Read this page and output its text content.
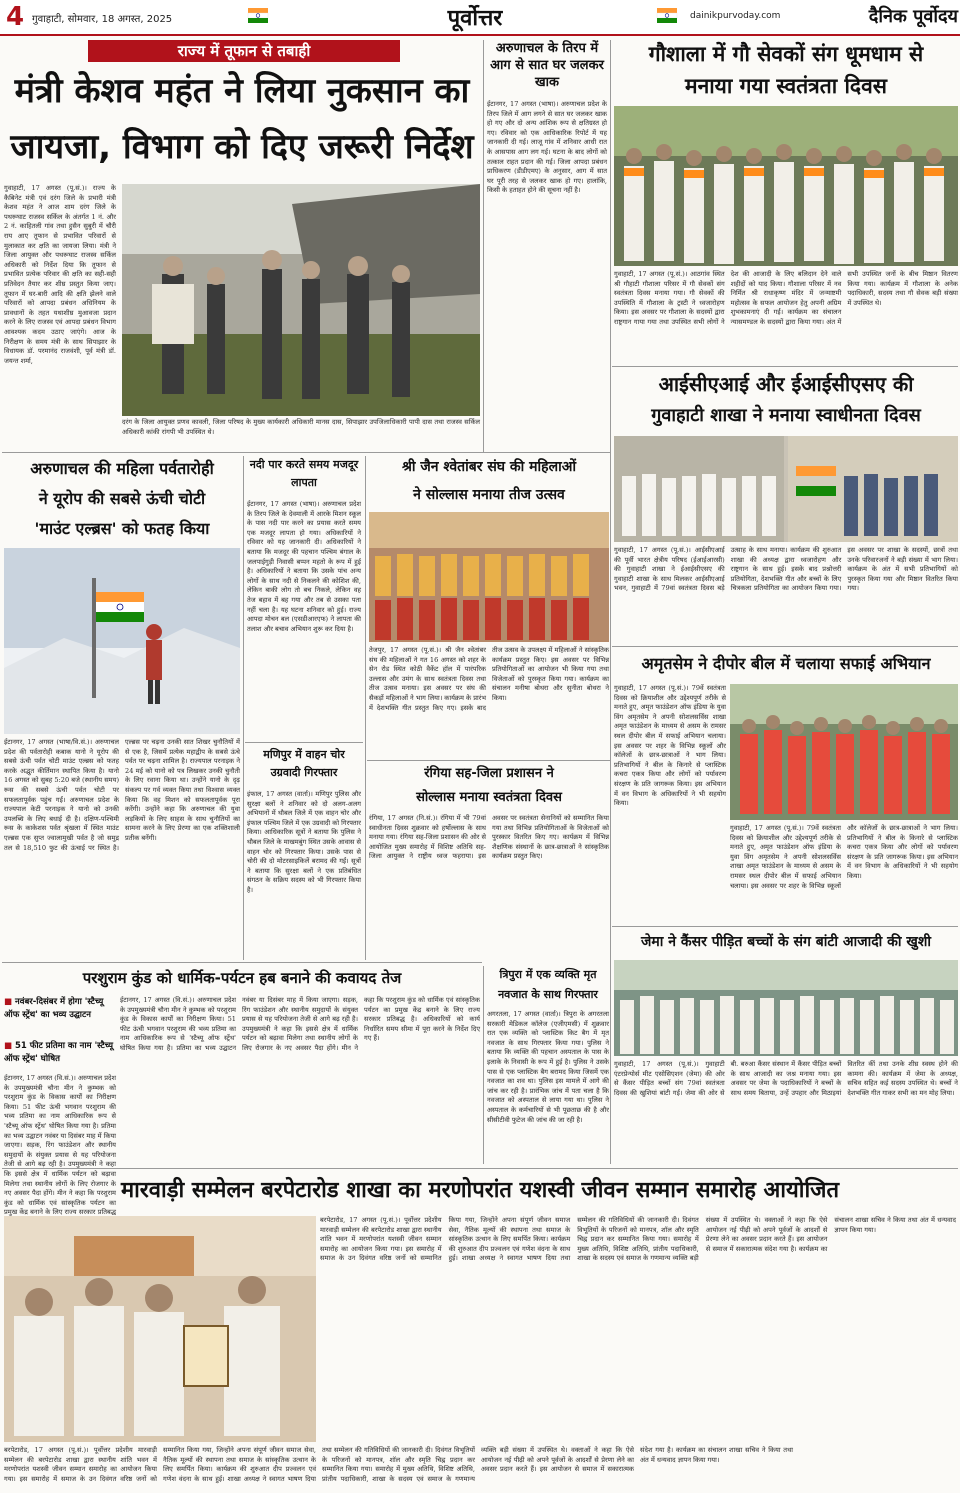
4 गुवाहाटी, सोमवार, 18 अगस्त, 2025	पूर्वोत्तर	dainikpurvoday.com	दैनिक पूर्वोदय
राज्य में तूफान से तबाही
मंत्री केशव महंत ने लिया नुकसान का
जायजा, विभाग को दिए जरूरी निर्देश
गुवाहाटी, 17 अगस्त (पू.सं.)। राज्य के कैबिनेट मंत्री एवं दरंग जिले के प्रभारी मंत्री केशव महंत ने आज शाम दरंग जिले के पथरूघाट राजस्व सर्किल के अंतर्गत 1 नं. और 2 नं. काहितली गांव तथा हुसैन सुबुरी में चौरी राय आए तूफान से प्रभावित परिवारों से मुलाकात कर क्षति का जायजा लिया। मंत्री ने जिला आयुक्त और पथरूघाट राजस्व सर्किल अधिकारी को निर्देश दिया कि तूफान से प्रभावित प्रत्येक परिवार की क्षति का सही-सही प्रतिवेदन तैयार कर शीघ्र प्रस्तुत किया जाए। तूफान में घर-बारी आदि की क्षति झेलने वाले परिवारों को आपदा प्रबंधन अधिनियम के प्रावधानों के तहत यथाशीघ्र मुआवजा प्रदान करने के लिए राजस्व एवं आपदा प्रबंधन विभाग आवश्यक कदम उठाए जाएंगे। आज के निरीक्षण के समय मंत्री के साथ सिपाझार के विधायक डॉ. परमानंद राजवंशी, पूर्व मंत्री डॉ. जयन्त शर्मा,
दरंग के जिला आयुक्त प्रणव कावली, जिला परिषद के मुख्य कार्यकारी अधिकारी मानस दास, सिपाझार उपजिलाधिकारी पापी दास तथा राजस्व सर्किल अधिकारी कांकी रांगपी भी उपस्थित थे।
अरुणाचल के तिरप में आग से सात घर जलकर खाक
ईटानगर, 17 अगस्त (भाषा)। अरुणाचल प्रदेश के तिरप जिले में आग लगने से सात घर जलकर खाक हो गए और दो अन्य आंशिक रूप से क्षतिग्रस्त हो गए। रविवार को एक आधिकारिक रिपोर्ट में यह जानकारी दी गई। लाजू गांव में शनिवार आधी रात के आसपास आग लग गई। घटना के बाद लोगों को तत्काल राहत प्रदान की गई। जिला आपदा प्रबंधन प्राधिकरण (डीडीएमए) के अनुसार, आग में सात घर पूरी तरह से जलकर खाक हो गए। हालांकि, किसी के हताहत होने की सूचना नहीं है।
गौशाला में गौ सेवकों संग धूमधाम से
मनाया गया स्वतंत्रता दिवस
गुवाहाटी, 17 अगस्त (पू.सं.)। आठगांव स्थित श्री गौहाटी गौशाला परिसर में गौ सेवकों संग स्वतंत्रता दिवस मनाया गया। गौ सेवकों की उपस्थिति में गौशाला के ट्रस्टी ने ध्वजारोहण किया। इस अवसर पर गौशाला के सदस्यों द्वारा राष्ट्रगान गाया गया तथा उपस्थित सभी लोगों ने देश की आजादी के लिए बलिदान देने वाले शहीदों को याद किया। गौशाला परिसर में नव निर्मित श्री राधाकृष्ण मंदिर में जन्माष्टमी महोत्सव के सफल आयोजन हेतु अपनी अग्रिम शुभकामनाएं दी गईं। कार्यक्रम का संचालन न्यासमण्डल के सदस्यों द्वारा किया गया। अंत में सभी उपस्थित जनों के बीच मिष्ठान वितरण किया गया। कार्यक्रम में गौशाला के अनेक पदाधिकारी, सदस्य तथा गौ सेवक बड़ी संख्या में उपस्थित थे।
आईसीएआई और ईआईसीएसए की
गुवाहाटी शाखा ने मनाया स्वाधीनता दिवस
गुवाहाटी, 17 अगस्त (पू.सं.)। आईसीएआई की पूर्वी भारत क्षेत्रीय परिषद (ईआईआरसी) की गुवाहाटी शाखा ने ईआईसीएसए की गुवाहाटी शाखा के साथ मिलकर आईसीएआई भवन, गुवाहाटी में 79वां स्वतंत्रता दिवस बड़े उत्साह के साथ मनाया। कार्यक्रम की शुरुआत शाखा की अध्यक्ष द्वारा ध्वजारोहण और राष्ट्रगान के साथ हुई। इसके बाद प्रश्नोत्तरी प्रतियोगिता, देशभक्ति गीत और बच्चों के लिए चित्रकला प्रतियोगिता का आयोजन किया गया। इस अवसर पर शाखा के सदस्यों, छात्रों तथा उनके परिवारजनों ने बड़ी संख्या में भाग लिया। कार्यक्रम के अंत में सभी प्रतिभागियों को पुरस्कृत किया गया और मिष्ठान वितरित किया गया।
अमृतसेम ने दीपोर बील में चलाया सफाई अभियान
गुवाहाटी, 17 अगस्त (पू.सं.)। 79वें स्वतंत्रता दिवस को क्रियाशील और उद्देश्यपूर्ण तरीके से मनाते हुए, अमृत फाउंडेशन ऑफ इंडिया के युवा विंग अमृतसेम ने अपनी सोशलसर्विस शाखा अमृत फाउंडेशन के माध्यम से असम के रामसर स्थल दीपोर बील में सफाई अभियान चलाया। इस अवसर पर शहर के विभिन्न स्कूलों और कॉलेजों के छात्र-छात्राओं ने भाग लिया। प्रतिभागियों ने बील के किनारे से प्लास्टिक कचरा एकत्र किया और लोगों को पर्यावरण संरक्षण के प्रति जागरूक किया। इस अभियान में वन विभाग के अधिकारियों ने भी सहयोग किया।
गुवाहाटी, 17 अगस्त (पू.सं.)। 79वें स्वतंत्रता दिवस को क्रियाशील और उद्देश्यपूर्ण तरीके से मनाते हुए, अमृत फाउंडेशन ऑफ इंडिया के युवा विंग अमृतसेम ने अपनी सोशलसर्विस शाखा अमृत फाउंडेशन के माध्यम से असम के रामसर स्थल दीपोर बील में सफाई अभियान चलाया। इस अवसर पर शहर के विभिन्न स्कूलों और कॉलेजों के छात्र-छात्राओं ने भाग लिया। प्रतिभागियों ने बील के किनारे से प्लास्टिक कचरा एकत्र किया और लोगों को पर्यावरण संरक्षण के प्रति जागरूक किया। इस अभियान में वन विभाग के अधिकारियों ने भी सहयोग किया।
जेमा ने कैंसर पीड़ित बच्चों के संग बांटी आजादी की खुशी
गुवाहाटी, 17 अगस्त (पू.सं.)। गुवाहाटी एंटरप्रेन्योर्स मीट एसोसिएशन (जेमा) की ओर से कैंसर पीड़ित बच्चों संग 79वां स्वतंत्रता दिवस की खुशियां बांटी गईं। जेमा की ओर से बी. बरुआ कैंसर संस्थान में कैंसर पीड़ित बच्चों के साथ आजादी का जश्न मनाया गया। इस अवसर पर जेमा के पदाधिकारियों ने बच्चों के साथ समय बिताया, उन्हें उपहार और मिठाइयां वितरित कीं तथा उनके शीघ्र स्वस्थ होने की कामना की। कार्यक्रम में जेमा के अध्यक्ष, सचिव सहित कई सदस्य उपस्थित थे। बच्चों ने देशभक्ति गीत गाकर सभी का मन मोह लिया।
अरुणाचल की महिला पर्वतारोही
ने यूरोप की सबसे ऊंची चोटी
'माउंट एल्ब्रस' को फतह किया
ईटानगर, 17 अगस्त (भाषा/वि.सं.)। अरुणाचल प्रदेश की पर्वतारोही कबाक यानो ने यूरोप की सबसे ऊंची पर्वत चोटी माउंट एल्ब्रस को फतह करके अद्भुत कीर्तिमान स्थापित किया है। यानो 16 अगस्त को सुबह 5:20 बजे (स्थानीय समय) रूस की सबसे ऊंची पर्वत चोटी पर सफलतापूर्वक पहुंच गईं। अरुणाचल प्रदेश के राज्यपाल केटी परनाइक ने यानो को उनकी उपलब्धि के लिए बधाई दी है। दक्षिण-पश्चिमी रूस के काकेशस पर्वत श्रृंखला में स्थित माउंट एल्ब्रस एक सुप्त ज्वालामुखी पर्वत है जो समुद्र तल से 18,510 फुट की ऊंचाई पर स्थित है। एल्ब्रस पर चढ़ना उनकी सात शिखर चुनौतियों में से एक है, जिसमें प्रत्येक महाद्वीप के सबसे ऊंचे पर्वत पर चढ़ना शामिल है। राज्यपाल परनाइक ने 24 मई को यानो को पत्र लिखकर उनकी चुनौती के लिए रवाना किया था। उन्होंने यानो के दृढ़ संकल्प पर गर्व व्यक्त किया तथा विश्वास व्यक्त किया कि वह मिशन को सफलतापूर्वक पूरा करेंगी। उन्होंने कहा कि अरुणाचल की युवा लड़कियों के लिए साहस के साथ चुनौतियों का सामना करने के लिए प्रेरणा का एक शक्तिशाली प्रतीक बनेंगी।
नदी पार करते समय मजदूर लापता
ईटानगर, 17 अगस्त (भाषा)। अरुणाचल प्रदेश के तिरप जिले के देवमाली में आरके मिशन स्कूल के पास नदी पार करने का प्रयास करते समय एक मजदूर लापता हो गया। अधिकारियों ने रविवार को यह जानकारी दी। अधिकारियों ने बताया कि मजदूर की पहचान पश्चिम बंगाल के जलपाईगुड़ी निवासी बप्पन महतो के रूप में हुई है। अधिकारियों ने बताया कि उसके पांच अन्य लोगों के साथ नदी से निकलने की कोशिश की, लेकिन बाकी लोग तो बच निकले, लेकिन वह तेज बहाव में बह गया और तब से उसका पता नहीं चला है। यह घटना शनिवार को हुई। राज्य आपदा मोचन बल (एसडीआरएफ) ने लापता की तलाश और बचाव अभियान शुरू कर दिया है।
मणिपुर में वाहन चोर उग्रवादी गिरफ्तार
इंफाल, 17 अगस्त (वार्ता)। मणिपुर पुलिस और सुरक्षा बलों ने शनिवार को दो अलग-अलग अभियानों में थौबल जिले में एक वाहन चोर और इंफाल पश्चिम जिले में एक उग्रवादी को गिरफ्तार किया। आधिकारिक सूत्रों ने बताया कि पुलिस ने थौबल जिले के माखमबुंग स्थित उसके आवास से वाहन चोर को गिरफ्तार किया। उसके पास से चोरी की दो मोटरसाइकिलें बरामद की गईं। सूत्रों ने बताया कि सुरक्षा बलों ने एक प्रतिबंधित संगठन के सक्रिय सदस्य को भी गिरफ्तार किया है।
श्री जैन श्वेतांबर संघ की महिलाओं
ने सोल्लास मनाया तीज उत्सव
तेजपुर, 17 अगस्त (पू.सं.)। श्री जैन श्वेतांबर संघ की महिलाओं ने गत 16 अगस्त को शहर के सेन रोड स्थित कोठी वैकेंट हॉल में पारंपरिक उल्लास और उमंग के साथ स्वतंत्रता दिवस तथा तीज उत्सव मनाया। इस अवसर पर संघ की सैकड़ों महिलाओं ने भाग लिया। कार्यक्रम के प्रारंभ में देशभक्ति गीत प्रस्तुत किए गए। इसके बाद तीज उत्सव के उपलक्ष्य में महिलाओं ने सांस्कृतिक कार्यक्रम प्रस्तुत किए। इस अवसर पर विभिन्न प्रतियोगिताओं का आयोजन भी किया गया तथा विजेताओं को पुरस्कृत किया गया। कार्यक्रम का संचालन मनीषा बोथरा और सुनीता बोथरा ने किया।
रंगिया सह-जिला प्रशासन ने
सोल्लास मनाया स्वतंत्रता दिवस
रंगिया, 17 अगस्त (नि.सं.)। रंगिया में भी 79वां स्वाधीनता दिवस शुक्रवार को हर्षोल्लास के साथ मनाया गया। रंगिया सह-जिला प्रशासन की ओर से आयोजित मुख्य समारोह में विशिष्ट अतिथि सह-जिला आयुक्त ने राष्ट्रीय ध्वज फहराया। इस अवसर पर स्वतंत्रता सेनानियों को सम्मानित किया गया तथा विभिन्न प्रतियोगिताओं के विजेताओं को पुरस्कार वितरित किए गए। कार्यक्रम में विभिन्न शैक्षणिक संस्थानों के छात्र-छात्राओं ने सांस्कृतिक कार्यक्रम प्रस्तुत किए।
परशुराम कुंड को धार्मिक-पर्यटन हब बनाने की कवायद तेज
■ नवंबर-दिसंबर में होगा 'स्टैच्यू ऑफ स्ट्रेंथ' का भव्य उद्घाटन
■ 51 फीट प्रतिमा का नाम 'स्टैच्यू ऑफ स्ट्रेंथ' घोषित
ईटानगर, 17 अगस्त (वि.सं.)। अरुणाचल प्रदेश के उपमुख्यमंत्री चौना मीन ने कुम्भक को परशुराम कुंड के विकास कार्यों का निरीक्षण किया। 51 फीट ऊंची भगवान परशुराम की भव्य प्रतिमा का नाम आधिकारिक रूप से 'स्टैच्यू ऑफ स्ट्रेंथ' घोषित किया गया है। प्रतिमा का भव्य उद्घाटन नवंबर या दिसंबर माह में किया जाएगा। सड़क, रिंग फाउंडेशन और स्थानीय समुदायों के संयुक्त प्रयास से यह परियोजना तेजी से आगे बढ़ रही है। उपमुख्यमंत्री ने कहा कि इससे क्षेत्र में धार्मिक पर्यटन को बढ़ावा मिलेगा तथा स्थानीय लोगों के लिए रोजगार के नए अवसर पैदा होंगे। मीन ने कहा कि परशुराम कुंड को धार्मिक एवं सांस्कृतिक पर्यटन का प्रमुख केंद्र बनाने के लिए राज्य सरकार प्रतिबद्ध
ईटानगर, 17 अगस्त (वि.सं.)। अरुणाचल प्रदेश के उपमुख्यमंत्री चौना मीन ने कुम्भक को परशुराम कुंड के विकास कार्यों का निरीक्षण किया। 51 फीट ऊंची भगवान परशुराम की भव्य प्रतिमा का नाम आधिकारिक रूप से 'स्टैच्यू ऑफ स्ट्रेंथ' घोषित किया गया है। प्रतिमा का भव्य उद्घाटन नवंबर या दिसंबर माह में किया जाएगा। सड़क, रिंग फाउंडेशन और स्थानीय समुदायों के संयुक्त प्रयास से यह परियोजना तेजी से आगे बढ़ रही है। उपमुख्यमंत्री ने कहा कि इससे क्षेत्र में धार्मिक पर्यटन को बढ़ावा मिलेगा तथा स्थानीय लोगों के लिए रोजगार के नए अवसर पैदा होंगे। मीन ने कहा कि परशुराम कुंड को धार्मिक एवं सांस्कृतिक पर्यटन का प्रमुख केंद्र बनाने के लिए राज्य सरकार प्रतिबद्ध है। अधिकारियों को कार्य निर्धारित समय सीमा में पूरा करने के निर्देश दिए गए हैं।
त्रिपुरा में एक व्यक्ति मृत
नवजात के साथ गिरफ्तार
अगरतला, 17 अगस्त (वार्ता)। त्रिपुरा के अगरतला सरकारी मेडिकल कॉलेज (एजीएमसी) में शुक्रवार रात एक व्यक्ति को प्लास्टिक किट बैग में मृत नवजात के साथ गिरफ्तार किया गया। पुलिस ने बताया कि व्यक्ति की पहचान अस्पताल के पास के इलाके के निवासी के रूप में हुई है। पुलिस ने उसके पास से एक प्लास्टिक बैग बरामद किया जिसमें एक नवजात का शव था। पुलिस इस मामले में आगे की जांच कर रही है। प्रारंभिक जांच में पता चला है कि नवजात को अस्पताल से लाया गया था। पुलिस ने अस्पताल के कर्मचारियों से भी पूछताछ की है और सीसीटीवी फुटेज की जांच की जा रही है।
मारवाड़ी सम्मेलन बरपेटारोड शाखा का मरणोपरांत यशस्वी जीवन सम्मान समारोह आयोजित
बरपेटारोड, 17 अगस्त (पू.सं.)। पूर्वोत्तर प्रदेशीय मारवाड़ी सम्मेलन की बरपेटारोड शाखा द्वारा स्थानीय शांति भवन में मरणोपरांत यशस्वी जीवन सम्मान समारोह का आयोजन किया गया। इस समारोह में समाज के उन दिवंगत वरिष्ठ जनों को सम्मानित किया गया, जिन्होंने अपना संपूर्ण जीवन समाज सेवा, नैतिक मूल्यों की स्थापना तथा समाज के सांस्कृतिक उत्थान के लिए समर्पित किया। कार्यक्रम की शुरुआत दीप प्रज्वलन एवं गणेश वंदना के साथ हुई। शाखा अध्यक्ष ने स्वागत भाषण दिया तथा सम्मेलन की गतिविधियों की जानकारी दी। दिवंगत विभूतियों के परिजनों को मानपत्र, शॉल और स्मृति चिह्न प्रदान कर सम्मानित किया गया। समारोह में मुख्य अतिथि, विशिष्ट अतिथि, प्रांतीय पदाधिकारी, शाखा के सदस्य एवं समाज के गणमान्य व्यक्ति बड़ी संख्या में उपस्थित थे। वक्ताओं ने कहा कि ऐसे आयोजन नई पीढ़ी को अपने पूर्वजों के आदर्शों से प्रेरणा लेने का अवसर प्रदान करते हैं। इस आयोजन से समाज में सकारात्मक संदेश गया है। कार्यक्रम का संचालन शाखा सचिव ने किया तथा अंत में धन्यवाद ज्ञापन किया गया।
बरपेटारोड, 17 अगस्त (पू.सं.)। पूर्वोत्तर प्रदेशीय मारवाड़ी सम्मेलन की बरपेटारोड शाखा द्वारा स्थानीय शांति भवन में मरणोपरांत यशस्वी जीवन सम्मान समारोह का आयोजन किया गया। इस समारोह में समाज के उन दिवंगत वरिष्ठ जनों को सम्मानित किया गया, जिन्होंने अपना संपूर्ण जीवन समाज सेवा, नैतिक मूल्यों की स्थापना तथा समाज के सांस्कृतिक उत्थान के लिए समर्पित किया। कार्यक्रम की शुरुआत दीप प्रज्वलन एवं गणेश वंदना के साथ हुई। शाखा अध्यक्ष ने स्वागत भाषण दिया तथा सम्मेलन की गतिविधियों की जानकारी दी। दिवंगत विभूतियों के परिजनों को मानपत्र, शॉल और स्मृति चिह्न प्रदान कर सम्मानित किया गया। समारोह में मुख्य अतिथि, विशिष्ट अतिथि, प्रांतीय पदाधिकारी, शाखा के सदस्य एवं समाज के गणमान्य व्यक्ति बड़ी संख्या में उपस्थित थे। वक्ताओं ने कहा कि ऐसे आयोजन नई पीढ़ी को अपने पूर्वजों के आदर्शों से प्रेरणा लेने का अवसर प्रदान करते हैं। इस आयोजन से समाज में सकारात्मक संदेश गया है। कार्यक्रम का संचालन शाखा सचिव ने किया तथा अंत में धन्यवाद ज्ञापन किया गया।
